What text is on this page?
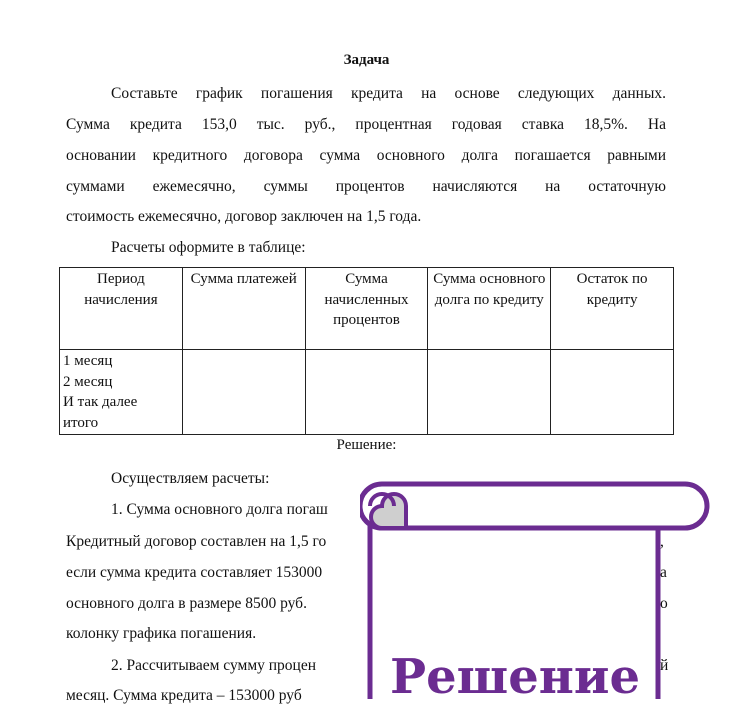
Задача
Составьте график погашения кредита на основе следующих данных.
Сумма кредита 153,0 тыс. руб., процентная годовая ставка 18,5%. На
основании кредитного договора сумма основного долга погашается равными
суммами ежемесячно, суммы процентов начисляются на остаточную
стоимость ежемесячно, договор заключен на 1,5 года.
Расчеты оформите в таблице:
Период начисления	Сумма платежей	Сумма начисленных процентов	Сумма основного долга по кредиту	Остаток по кредиту

1 месяц
2 месяц
И так далее
итого				

Решение:
Осуществляем расчеты:
1. Сумма основного долга погаш
Кредитный договор составлен на 1,5 го
если сумма кредита составляет 153000
основного долга в размере 8500 руб.
колонку графика погашения.
2. Рассчитываем сумму процен
месяц. Сумма кредита – 153000 руб
,
а
о
й
Решение
